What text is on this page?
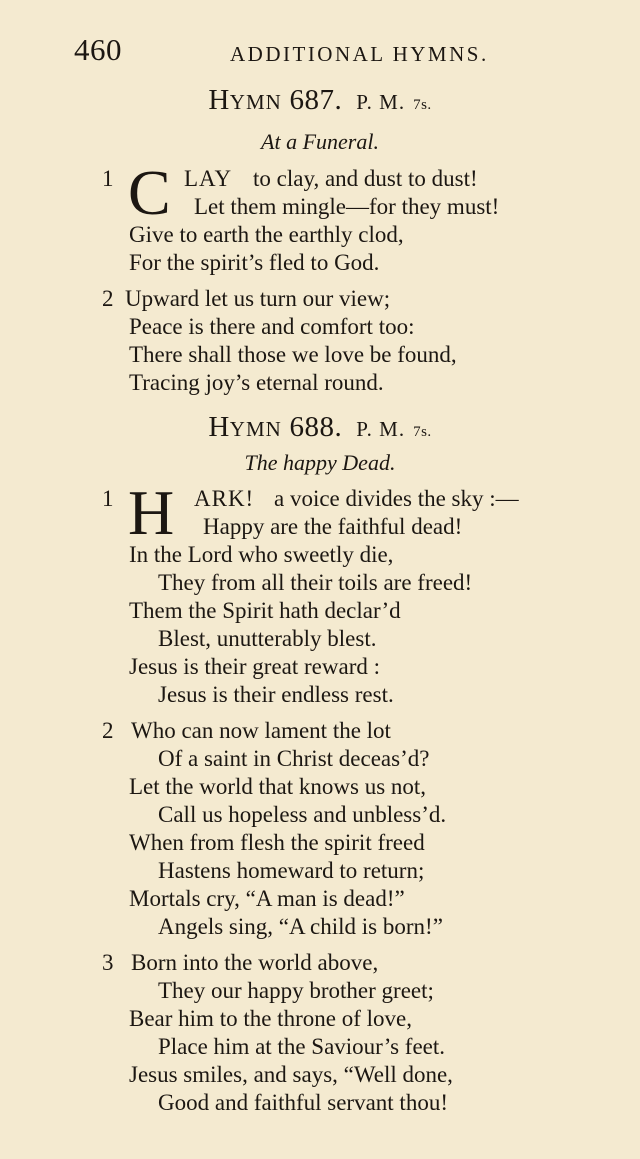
460	ADDITIONAL HYMNS.
HYMN 687. P. M. 7s.
At a Funeral.
1 C LAY to clay, and dust to dust!
Let them mingle—for they must!
Give to earth the earthly clod,
For the spirit’s fled to God.
2 Upward let us turn our view;
Peace is there and comfort too:
There shall those we love be found,
Tracing joy’s eternal round.
HYMN 688. P. M. 7s.
The happy Dead.
1 H ARK! a voice divides the sky :—
Happy are the faithful dead!
In the Lord who sweetly die,
They from all their toils are freed!
Them the Spirit hath declar’d
Blest, unutterably blest.
Jesus is their great reward :
Jesus is their endless rest.
2 Who can now lament the lot
Of a saint in Christ deceas’d?
Let the world that knows us not,
Call us hopeless and unbless’d.
When from flesh the spirit freed
Hastens homeward to return;
Mortals cry, “A man is dead!”
Angels sing, “A child is born!”
3 Born into the world above,
They our happy brother greet;
Bear him to the throne of love,
Place him at the Saviour’s feet.
Jesus smiles, and says, “Well done,
Good and faithful servant thou!
